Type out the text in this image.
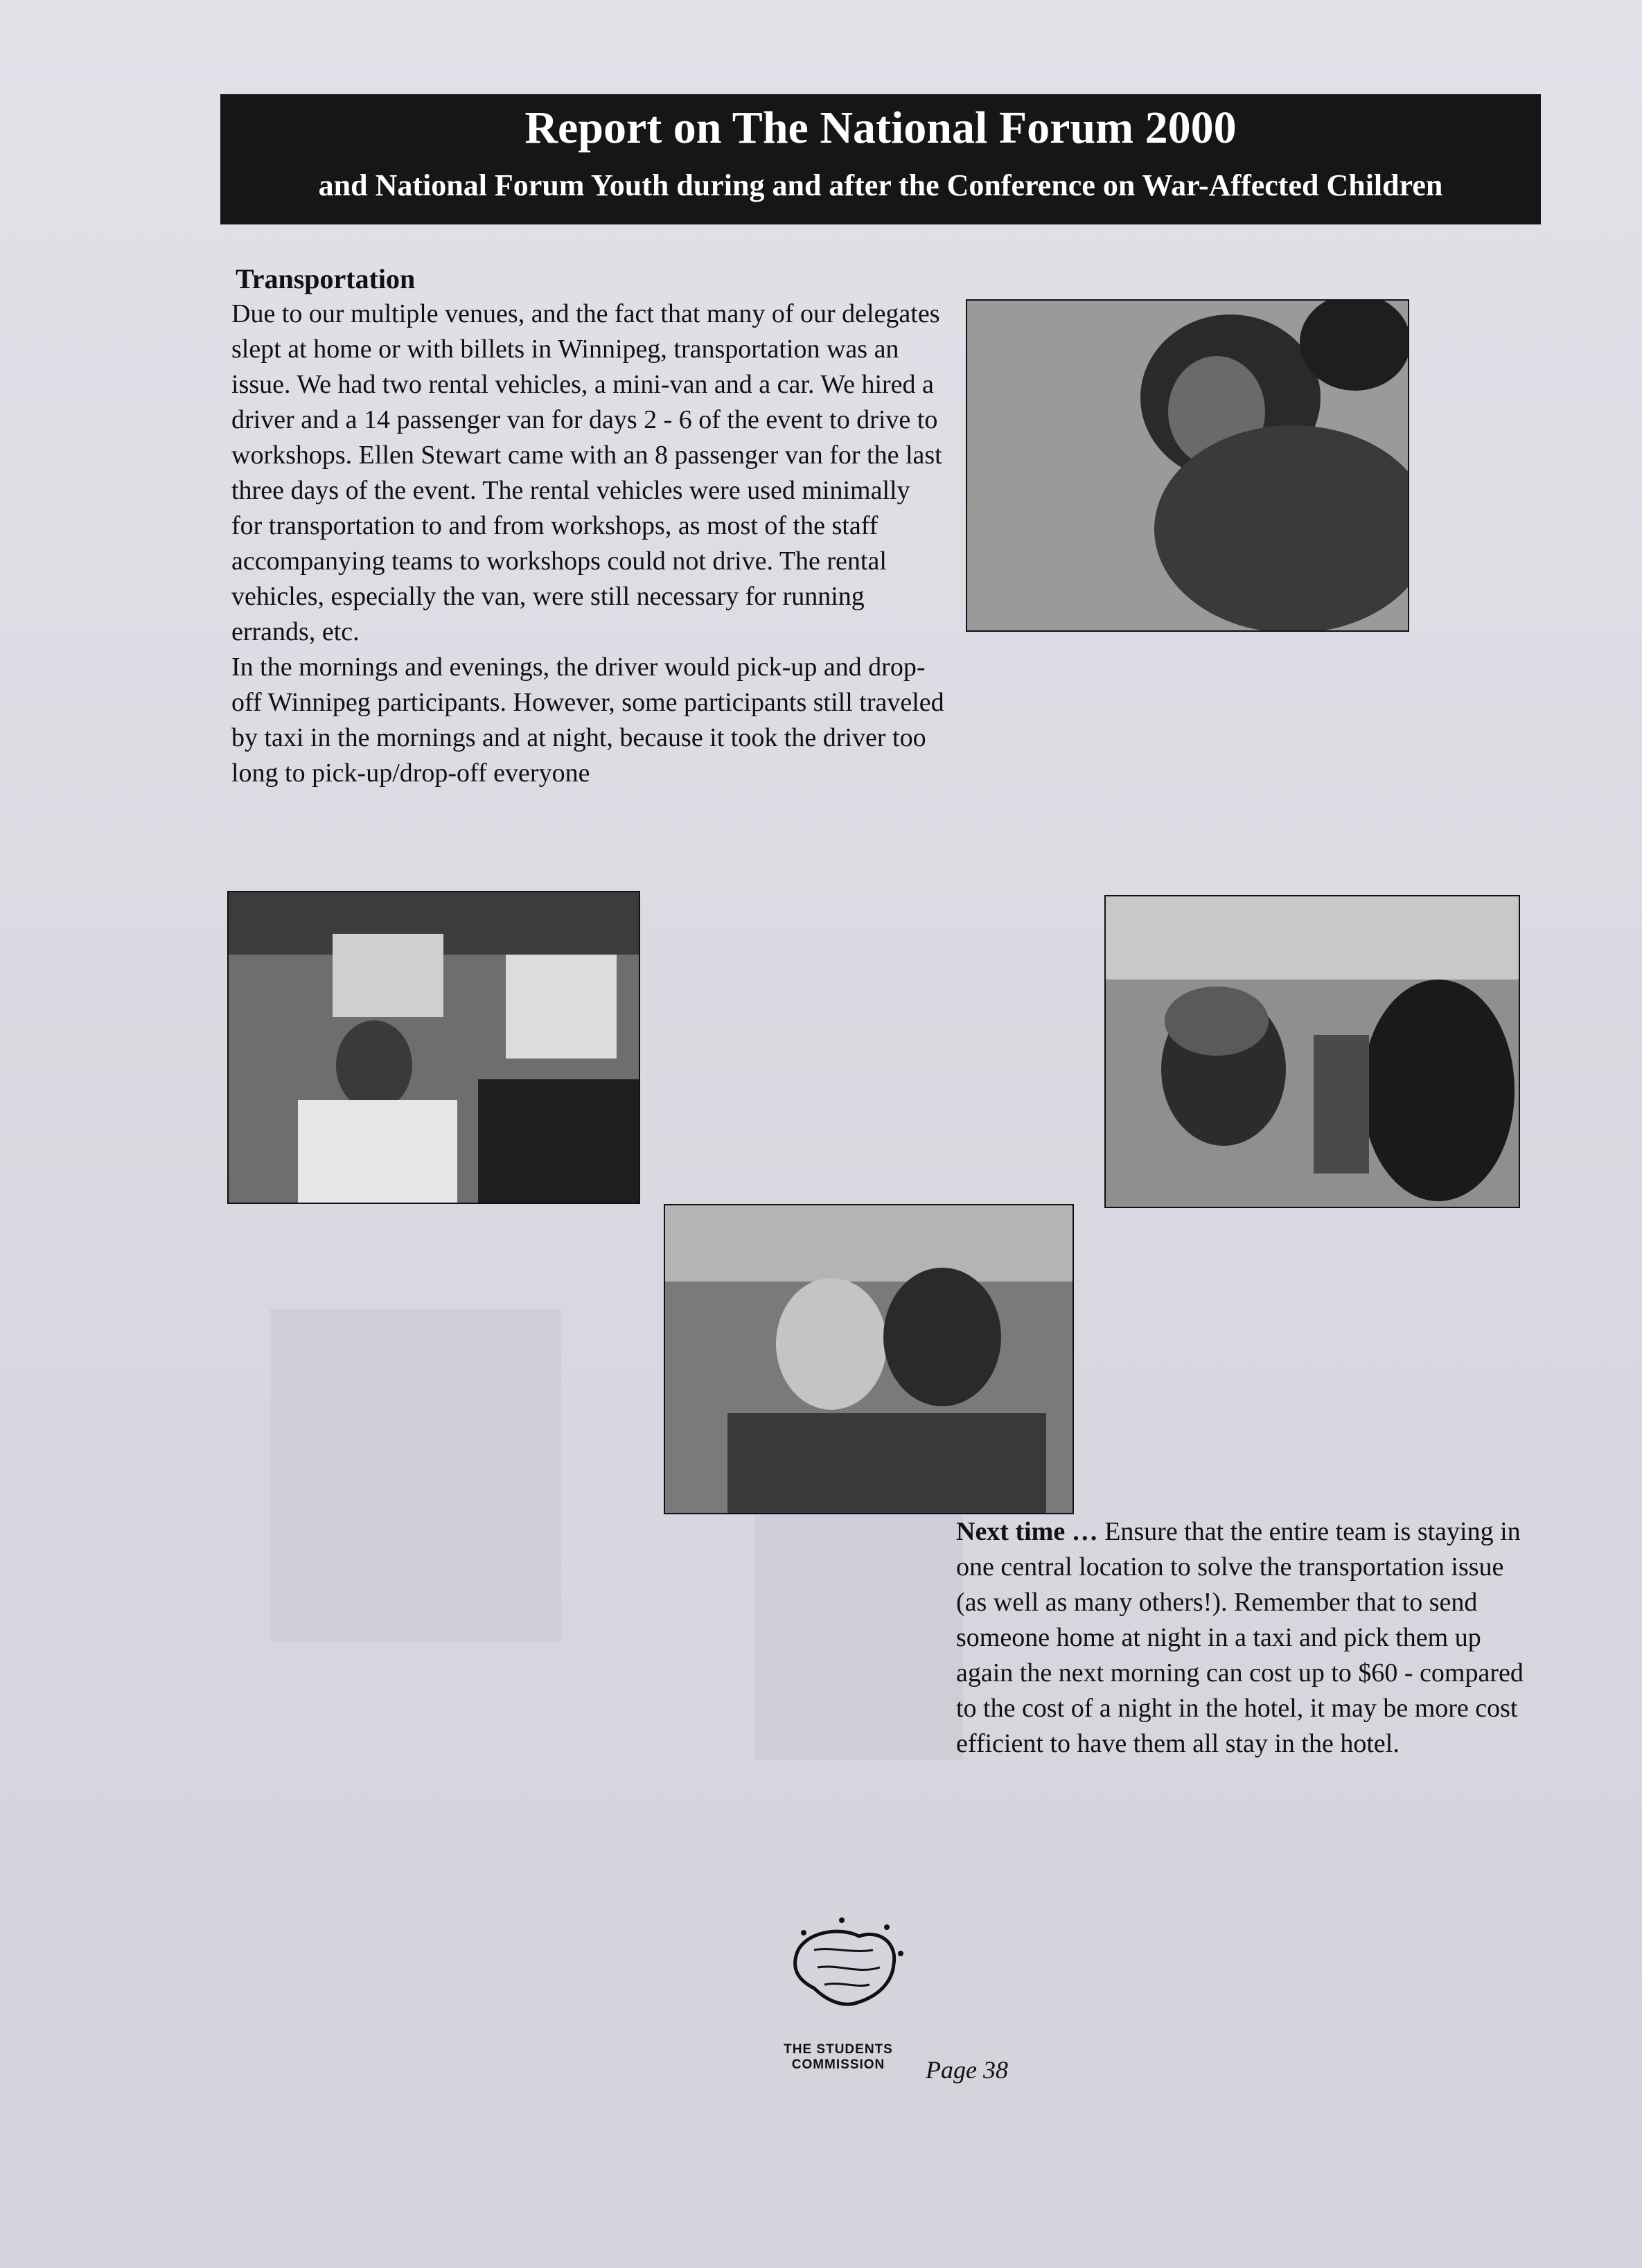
Report on The National Forum 2000
and National Forum Youth during and after the Conference on War-Affected Children
Transportation

Due to our multiple venues, and the fact that many of our delegates slept at home or with billets in Winnipeg, transportation was an issue. We had two rental vehicles, a mini-van and a car. We hired a driver and a 14 passenger van for days 2 - 6 of the event to drive to workshops. Ellen Stewart came with an 8 passenger van for the last three days of the event. The rental vehicles were used minimally for transportation to and from workshops, as most of the staff accompanying teams to workshops could not drive. The rental vehicles, especially the van, were still necessary for running errands, etc.

In the mornings and evenings, the driver would pick-up and drop-off Winnipeg participants. However, some participants still traveled by taxi in the mornings and at night, because it took the driver too long to pick-up/drop-off everyone

Next time … Ensure that the entire team is staying in one central location to solve the transportation issue (as well as many others!). Remember that to send someone home at night in a taxi and pick them up again the next morning can cost up to $60 - compared to the cost of a night in the hotel, it may be more cost efficient to have them all stay in the hotel.
THE STUDENTS
COMMISSION	Page 38
